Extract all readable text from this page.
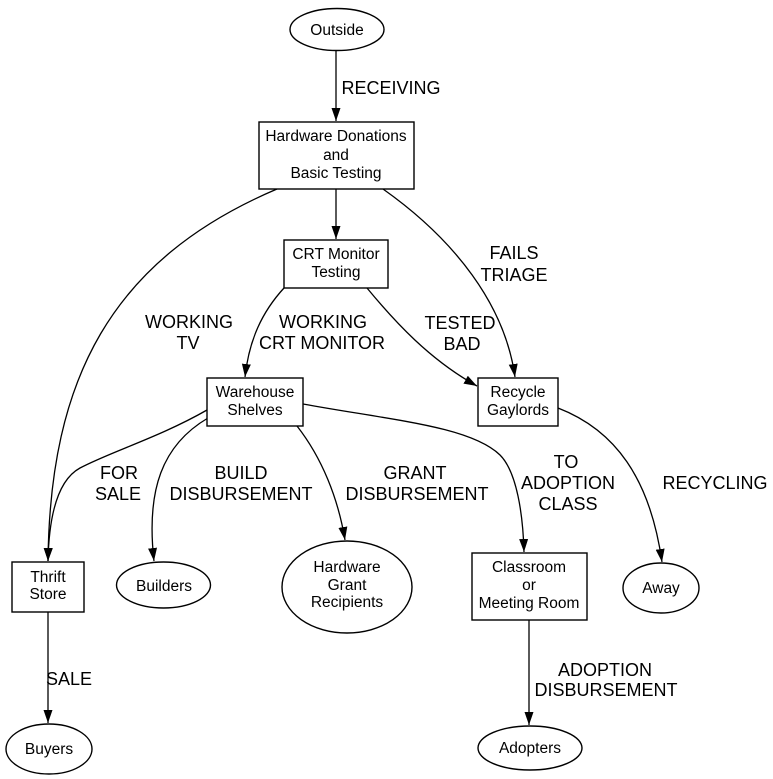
RECEIVING
FAILS
TRIAGE
WORKING
TV
WORKING
CRT MONITOR
TESTED
BAD
FOR
SALE
BUILD
DISBURSEMENT
GRANT
DISBURSEMENT
TO
ADOPTION
CLASS
RECYCLING
SALE	ADOPTION
DISBURSEMENT
Outside
Hardware Donations
and
Basic Testing
CRT Monitor
Testing
Warehouse
Shelves
Recycle
Gaylords
Thrift
Store	Builders
Hardware
Grant
Recipients
Classroom
or
Meeting Room
Away
Buyers	Adopters
